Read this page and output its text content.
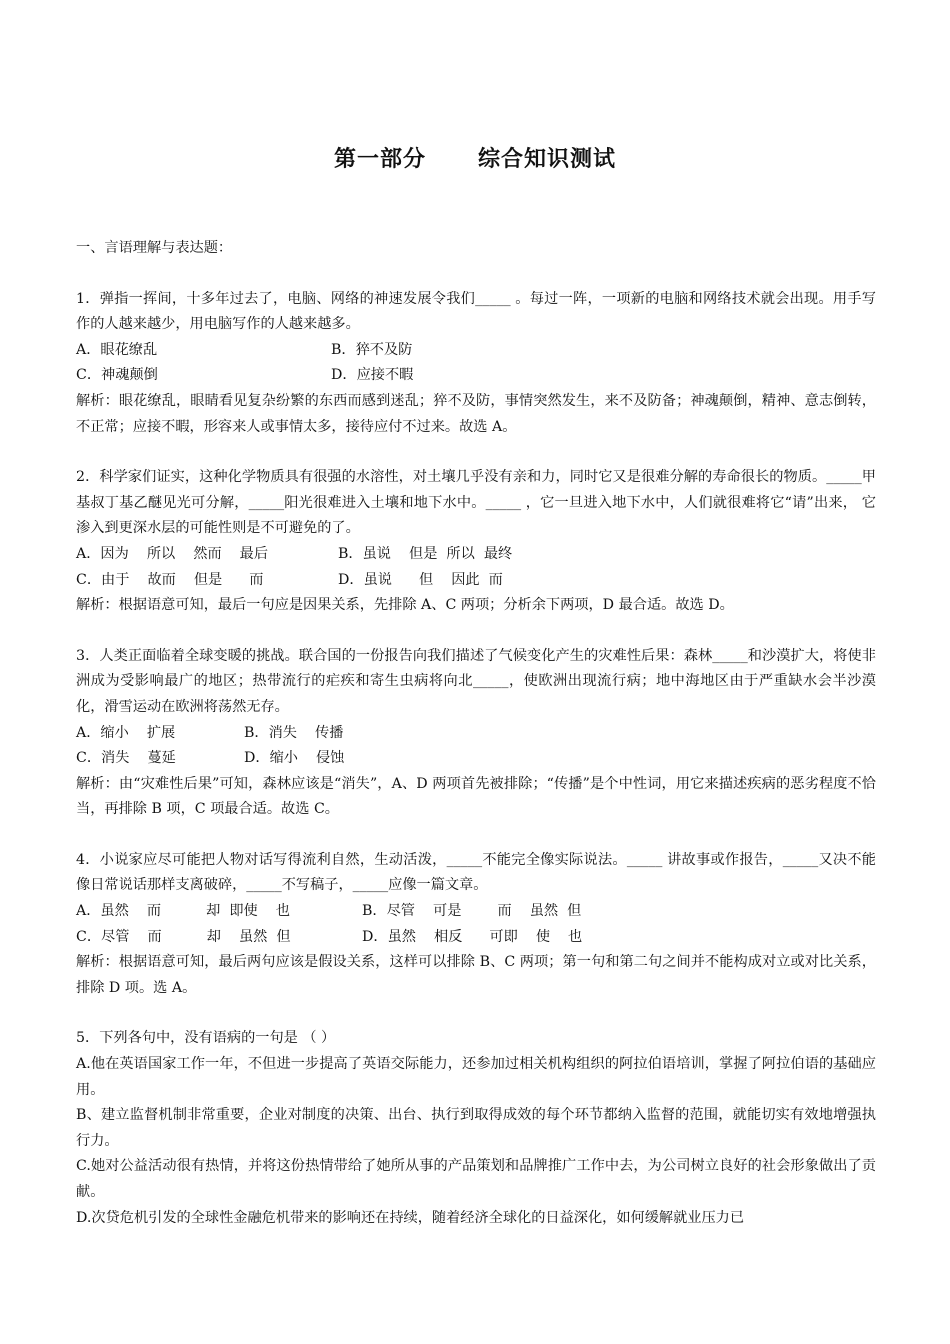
第一部分      综合知识测试

一、言语理解与表达题：

1．弹指一挥间，十多年过去了，电脑、网络的神速发展令我们_____ 。每过一阵，一项新的电脑和网络技术就会出现。用手写作的人越来越少，用电脑写作的人越来越多。

A．眼花缭乱	B．猝不及防
C．神魂颠倒	D．应接不暇

解析：眼花缭乱，眼睛看见复杂纷繁的东西而感到迷乱；猝不及防，事情突然发生，来不及防备；神魂颠倒，精神、意志倒转，不正常；应接不暇，形容来人或事情太多，接待应付不过来。故选 A。

2．科学家们证实，这种化学物质具有很强的水溶性，对土壤几乎没有亲和力，同时它又是很难分解的寿命很长的物质。_____甲基叔丁基乙醚见光可分解，_____阳光很难进入土壤和地下水中。_____ ，它一旦进入地下水中，人们就很难将它“请”出来， 它渗入到更深水层的可能性则是不可避免的了。

A．因为    所以    然而    最后	B．虽说    但是  所以  最终
C．由于    故而    但是      而	D．虽说      但    因此  而

解析：根据语意可知，最后一句应是因果关系，先排除 A、C 两项；分析余下两项，D 最合适。故选 D。

3．人类正面临着全球变暖的挑战。联合国的一份报告向我们描述了气候变化产生的灾难性后果：森林_____和沙漠扩大，将使非洲成为受影响最广的地区；热带流行的疟疾和寄生虫病将向北_____，使欧洲出现流行病；地中海地区由于严重缺水会半沙漠化，滑雪运动在欧洲将荡然无存。

A．缩小    扩展	B．消失    传播
C．消失    蔓延	D．缩小    侵蚀

解析：由“灾难性后果”可知，森林应该是“消失”，A、D 两项首先被排除；“传播”是个中性词，用它来描述疾病的恶劣程度不恰当，再排除 B 项，C 项最合适。故选 C。

4．小说家应尽可能把人物对话写得流利自然，生动活泼，_____不能完全像实际说法。_____ 讲故事或作报告，_____又决不能像日常说话那样支离破碎，_____不写稿子，_____应像一篇文章。

A．虽然    而          却  即使    也	B．尽管    可是        而    虽然  但
C．尽管    而          却    虽然  但	D．虽然    相反      可即    使    也

解析：根据语意可知，最后两句应该是假设关系，这样可以排除 B、C 两项；第一句和第二句之间并不能构成对立或对比关系，排除 D 项。选 A。

5．下列各句中，没有语病的一句是 （ ）

A.他在英语国家工作一年，不但进一步提高了英语交际能力，还参加过相关机构组织的阿拉伯语培训，掌握了阿拉伯语的基础应用。

B、建立监督机制非常重要，企业对制度的决策、出台、执行到取得成效的每个环节都纳入监督的范围，就能切实有效地增强执行力。

C.她对公益活动很有热情，并将这份热情带给了她所从事的产品策划和品牌推广工作中去，为公司树立良好的社会形象做出了贡献。

D.次贷危机引发的全球性金融危机带来的影响还在持续，随着经济全球化的日益深化，如何缓解就业压力已
